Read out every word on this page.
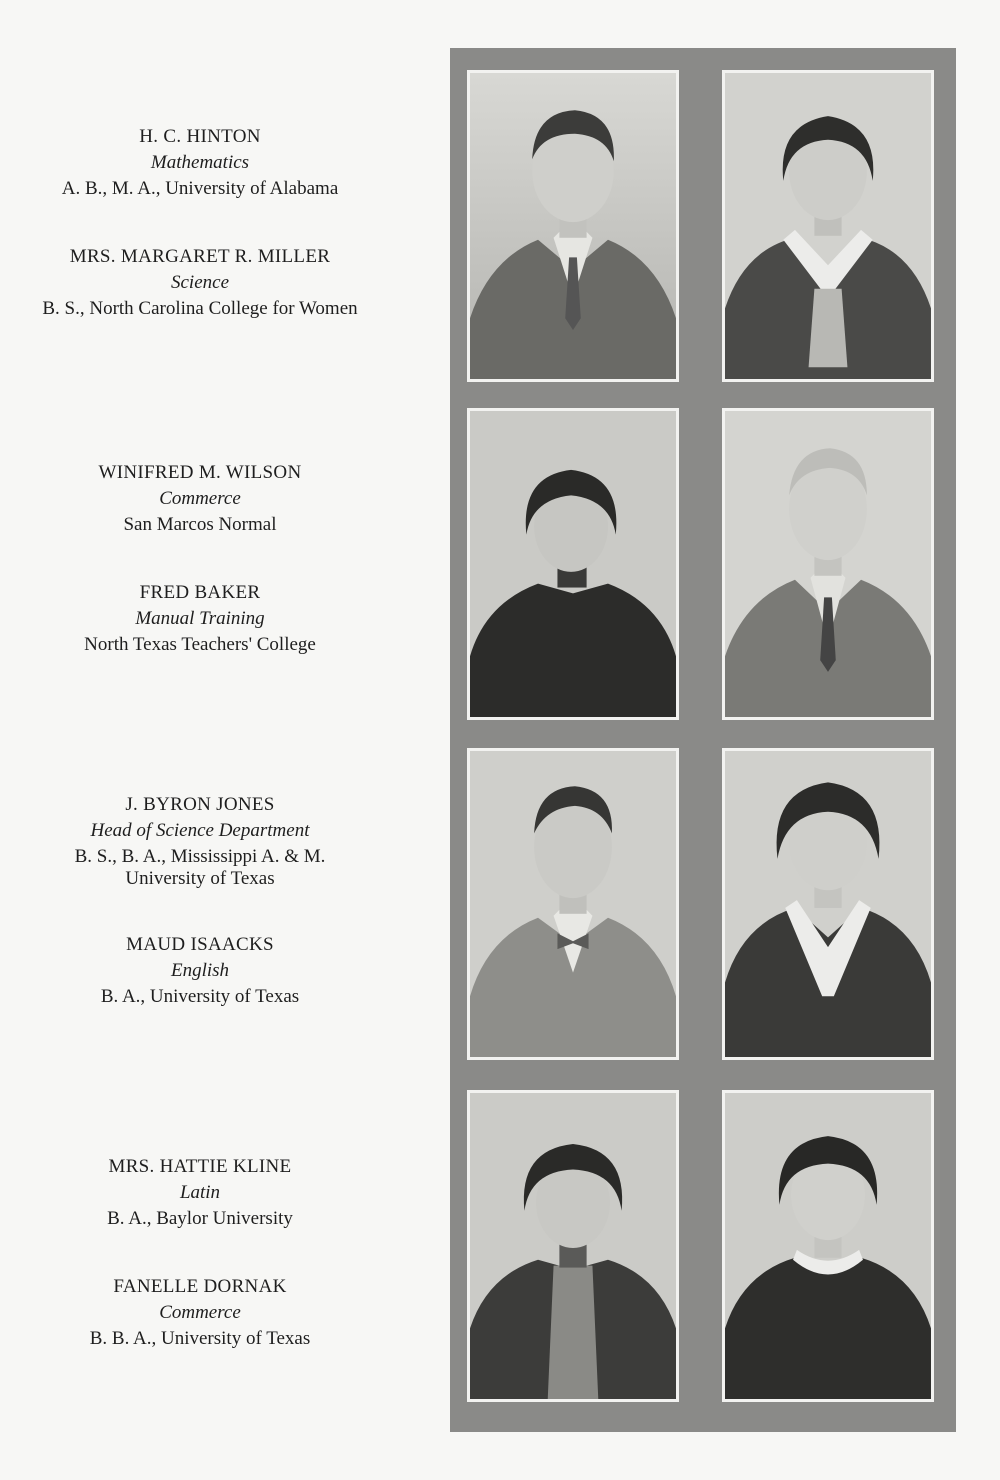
H. C. HINTON
Mathematics
A. B., M. A., University of Alabama
MRS. MARGARET R. MILLER
Science
B. S., North Carolina College for Women
WINIFRED M. WILSON
Commerce
San Marcos Normal
FRED BAKER
Manual Training
North Texas Teachers' College
J. BYRON JONES
Head of Science Department
B. S., B. A., Mississippi A. & M.
University of Texas
MAUD ISAACKS
English
B. A., University of Texas
MRS. HATTIE KLINE
Latin
B. A., Baylor University
FANELLE DORNAK
Commerce
B. B. A., University of Texas
